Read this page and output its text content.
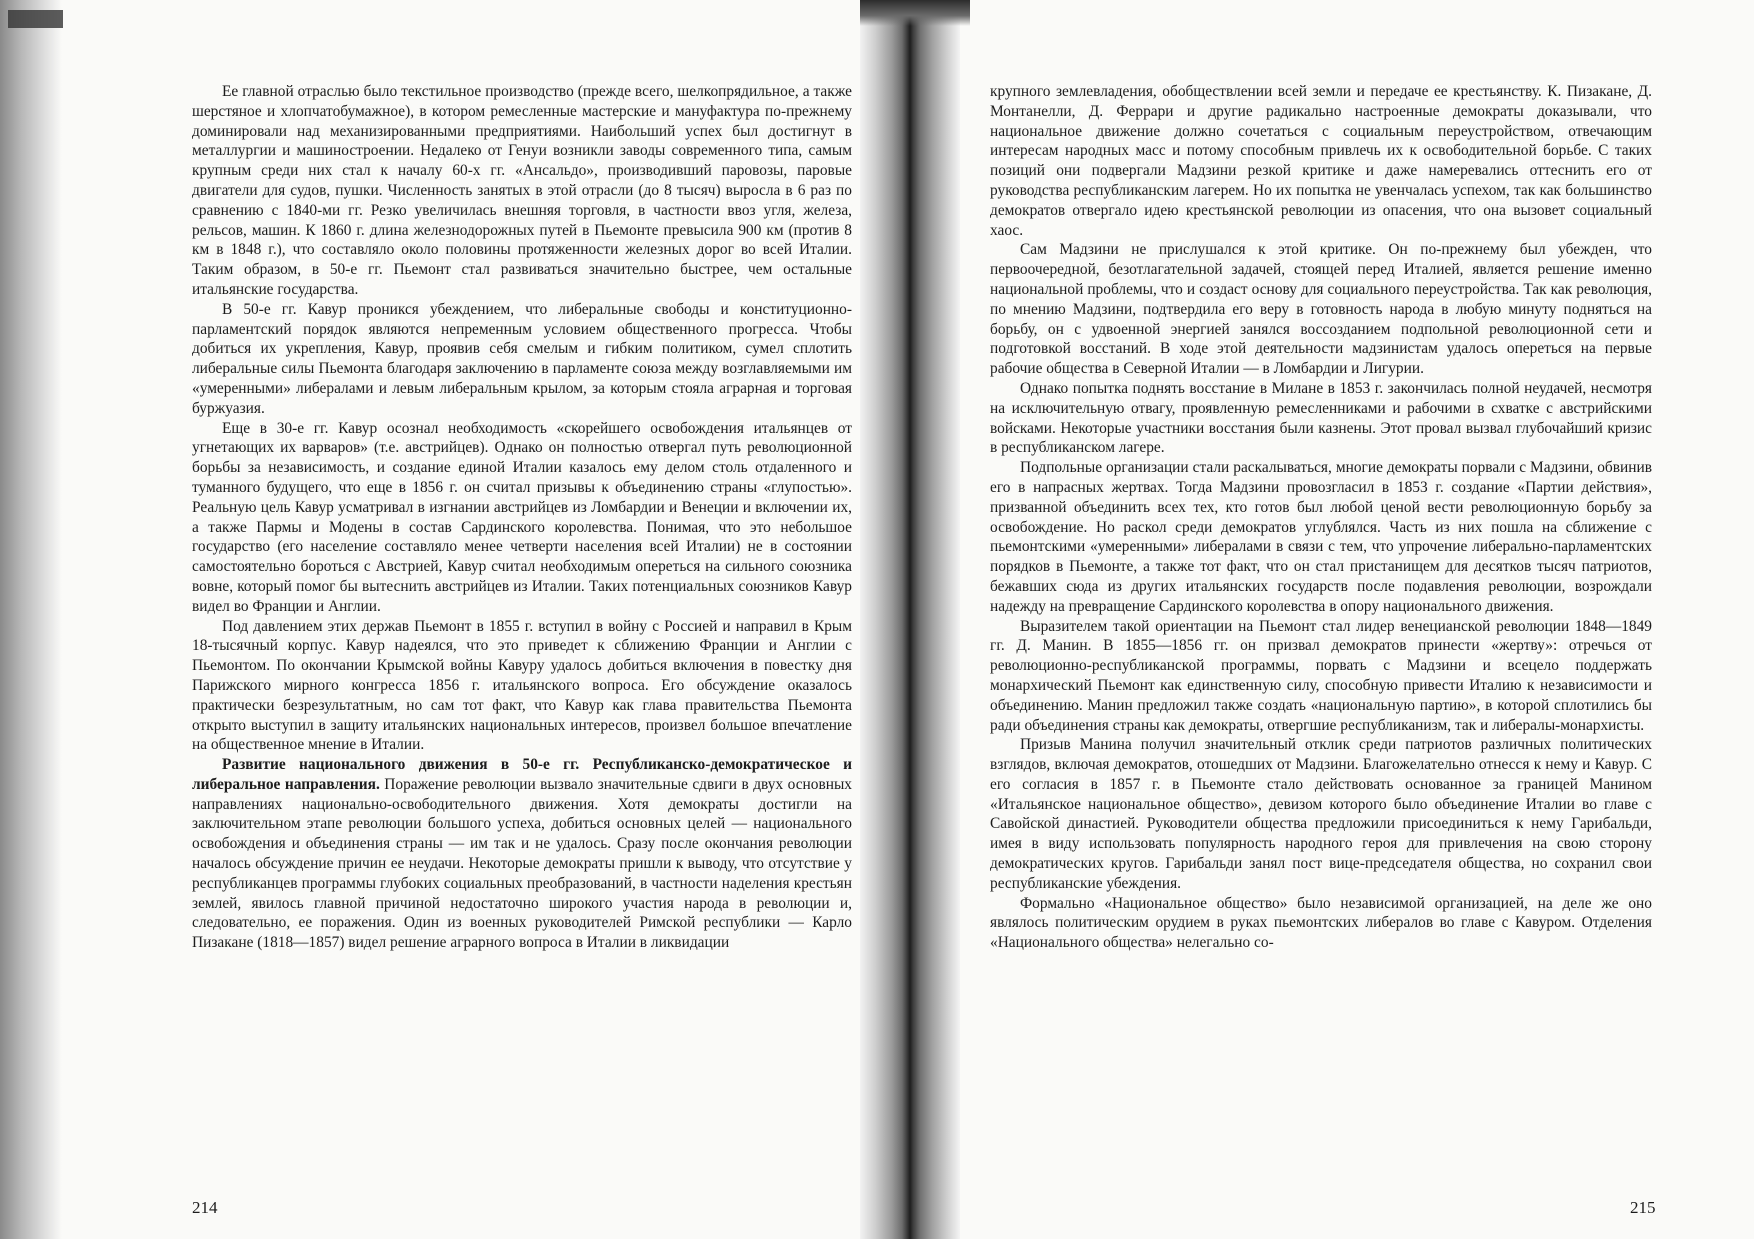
Ее главной отраслью было текстильное производство (прежде всего, шелкопрядильное, а также шерстяное и хлопчатобумажное), в котором ремесленные мастерские и мануфактура по-прежнему доминировали над механизированными предприятиями. Наибольший успех был достигнут в металлургии и машиностроении. Недалеко от Генуи возникли заводы современного типа, самым крупным среди них стал к началу 60-х гг. «Ансальдо», производивший паровозы, паровые двигатели для судов, пушки. Численность занятых в этой отрасли (до 8 тысяч) выросла в 6 раз по сравнению с 1840-ми гг. Резко увеличилась внешняя торговля, в частности ввоз угля, железа, рельсов, машин. К 1860 г. длина железнодорожных путей в Пьемонте превысила 900 км (против 8 км в 1848 г.), что составляло около половины протяженности железных дорог во всей Италии. Таким образом, в 50-е гг. Пьемонт стал развиваться значительно быстрее, чем остальные итальянские государства.

В 50-е гг. Кавур проникся убеждением, что либеральные свободы и конституционно-парламентский порядок являются непременным условием общественного прогресса. Чтобы добиться их укрепления, Кавур, проявив себя смелым и гибким политиком, сумел сплотить либеральные силы Пьемонта благодаря заключению в парламенте союза между возглавляемыми им «умеренными» либералами и левым либеральным крылом, за которым стояла аграрная и торговая буржуазия.

Еще в 30-е гг. Кавур осознал необходимость «скорейшего освобождения итальянцев от угнетающих их варваров» (т.е. австрийцев). Однако он полностью отвергал путь революционной борьбы за независимость, и создание единой Италии казалось ему делом столь отдаленного и туманного будущего, что еще в 1856 г. он считал призывы к объединению страны «глупостью». Реальную цель Кавур усматривал в изгнании австрийцев из Ломбардии и Венеции и включении их, а также Пармы и Модены в состав Сардинского королевства. Понимая, что это небольшое государство (его население составляло менее четверти населения всей Италии) не в состоянии самостоятельно бороться с Австрией, Кавур считал необходимым опереться на сильного союзника вовне, который помог бы вытеснить австрийцев из Италии. Таких потенциальных союзников Кавур видел во Франции и Англии.

Под давлением этих держав Пьемонт в 1855 г. вступил в войну с Россией и направил в Крым 18-тысячный корпус. Кавур надеялся, что это приведет к сближению Франции и Англии с Пьемонтом. По окончании Крымской войны Кавуру удалось добиться включения в повестку дня Парижского мирного конгресса 1856 г. итальянского вопроса. Его обсуждение оказалось практически безрезультатным, но сам тот факт, что Кавур как глава правительства Пьемонта открыто выступил в защиту итальянских национальных интересов, произвел большое впечатление на общественное мнение в Италии.

Развитие национального движения в 50-е гг. Республиканско-демократическое и либеральное направления. Поражение революции вызвало значительные сдвиги в двух основных направлениях национально-освободительного движения. Хотя демократы достигли на заключительном этапе революции большого успеха, добиться основных целей — национального освобождения и объединения страны — им так и не удалось. Сразу после окончания революции началось обсуждение причин ее неудачи. Некоторые демократы пришли к выводу, что отсутствие у республиканцев программы глубоких социальных преобразований, в частности наделения крестьян землей, явилось главной причиной недостаточно широкого участия народа в революции и, следовательно, ее поражения. Один из военных руководителей Римской республики — Карло Пизаканe (1818—1857) видел решение аграрного вопроса в Италии в ликвидации

214

крупного землевладения, обобществлении всей земли и передаче ее крестьянству. К. Пизаканe, Д. Монтанелли, Д. Феррари и другие радикально настроенные демократы доказывали, что национальное движение должно сочетаться с социальным переустройством, отвечающим интересам народных масс и потому способным привлечь их к освободительной борьбе. С таких позиций они подвергали Мадзини резкой критике и даже намеревались оттеснить его от руководства республиканским лагерем. Но их попытка не увенчалась успехом, так как большинство демократов отвергало идею крестьянской революции из опасения, что она вызовет социальный хаос.

Сам Мадзини не прислушался к этой критике. Он по-прежнему был убежден, что первоочередной, безотлагательной задачей, стоящей перед Италией, является решение именно национальной проблемы, что и создаст основу для социального переустройства. Так как революция, по мнению Мадзини, подтвердила его веру в готовность народа в любую минуту подняться на борьбу, он с удвоенной энергией занялся воссозданием подпольной революционной сети и подготовкой восстаний. В ходе этой деятельности мадзинистам удалось опереться на первые рабочие общества в Северной Италии — в Ломбардии и Лигурии.

Однако попытка поднять восстание в Милане в 1853 г. закончилась полной неудачей, несмотря на исключительную отвагу, проявленную ремесленниками и рабочими в схватке с австрийскими войсками. Некоторые участники восстания были казнены. Этот провал вызвал глубочайший кризис в республиканском лагере.

Подпольные организации стали раскалываться, многие демократы порвали с Мадзини, обвинив его в напрасных жертвах. Тогда Мадзини провозгласил в 1853 г. создание «Партии действия», призванной объединить всех тех, кто готов был любой ценой вести революционную борьбу за освобождение. Но раскол среди демократов углублялся. Часть из них пошла на сближение с пьемонтскими «умеренными» либералами в связи с тем, что упрочение либерально-парламентских порядков в Пьемонте, а также тот факт, что он стал пристанищем для десятков тысяч патриотов, бежавших сюда из других итальянских государств после подавления революции, возрождали надежду на превращение Сардинского королевства в опору национального движения.

Выразителем такой ориентации на Пьемонт стал лидер венецианской революции 1848—1849 гг. Д. Манин. В 1855—1856 гг. он призвал демократов принести «жертву»: отречься от революционно-республиканской программы, порвать с Мадзини и всецело поддержать монархический Пьемонт как единственную силу, способную привести Италию к независимости и объединению. Манин предложил также создать «национальную партию», в которой сплотились бы ради объединения страны как демократы, отвергшие республиканизм, так и либералы-монархисты.

Призыв Манина получил значительный отклик среди патриотов различных политических взглядов, включая демократов, отошедших от Мадзини. Благожелательно отнесся к нему и Кавур. С его согласия в 1857 г. в Пьемонте стало действовать основанное за границей Манином «Итальянское национальное общество», девизом которого было объединение Италии во главе с Савойской династией. Руководители общества предложили присоединиться к нему Гарибальди, имея в виду использовать популярность народного героя для привлечения на свою сторону демократических кругов. Гарибальди занял пост вице-председателя общества, но сохранил свои республиканские убеждения.

Формально «Национальное общество» было независимой организацией, на деле же оно являлось политическим орудием в руках пьемонтских либералов во главе с Кавуром. Отделения «Национального общества» нелегально со-

215
